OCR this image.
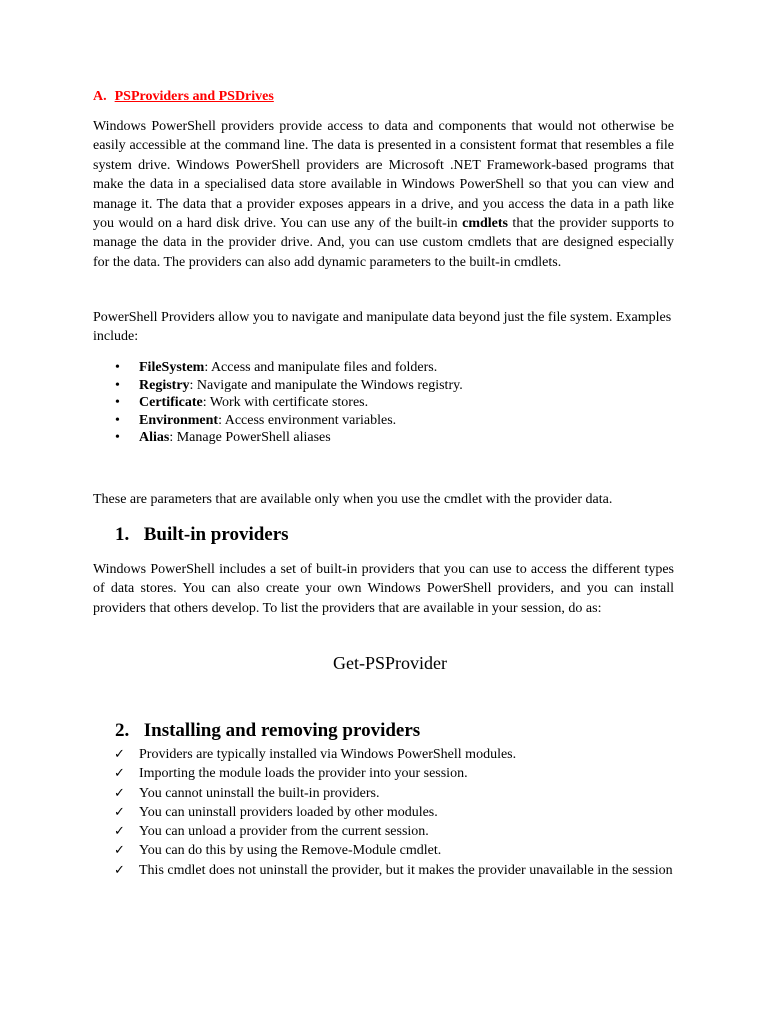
A. PSProviders and PSDrives

Windows PowerShell providers provide access to data and components that would not otherwise be easily accessible at the command line. The data is presented in a consistent format that resembles a file system drive. Windows PowerShell providers are Microsoft .NET Framework-based programs that make the data in a specialised data store available in Windows PowerShell so that you can view and manage it. The data that a provider exposes appears in a drive, and you access the data in a path like you would on a hard disk drive. You can use any of the built-in cmdlets that the provider supports to manage the data in the provider drive. And, you can use custom cmdlets that are designed especially for the data. The providers can also add dynamic parameters to the built-in cmdlets.

PowerShell Providers allow you to navigate and manipulate data beyond just the file system. Examples include:

• FileSystem: Access and manipulate files and folders.
• Registry: Navigate and manipulate the Windows registry.
• Certificate: Work with certificate stores.
• Environment: Access environment variables.
• Alias: Manage PowerShell aliases

These are parameters that are available only when you use the cmdlet with the provider data.

1. Built-in providers

Windows PowerShell includes a set of built-in providers that you can use to access the different types of data stores. You can also create your own Windows PowerShell providers, and you can install providers that others develop. To list the providers that are available in your session, do as:

Get-PSProvider
2. Installing and removing providers
✓ Providers are typically installed via Windows PowerShell modules.
✓ Importing the module loads the provider into your session.
✓ You cannot uninstall the built-in providers.
✓ You can uninstall providers loaded by other modules.
✓ You can unload a provider from the current session.
✓ You can do this by using the Remove-Module cmdlet.
✓ This cmdlet does not uninstall the provider, but it makes the provider unavailable in the session
